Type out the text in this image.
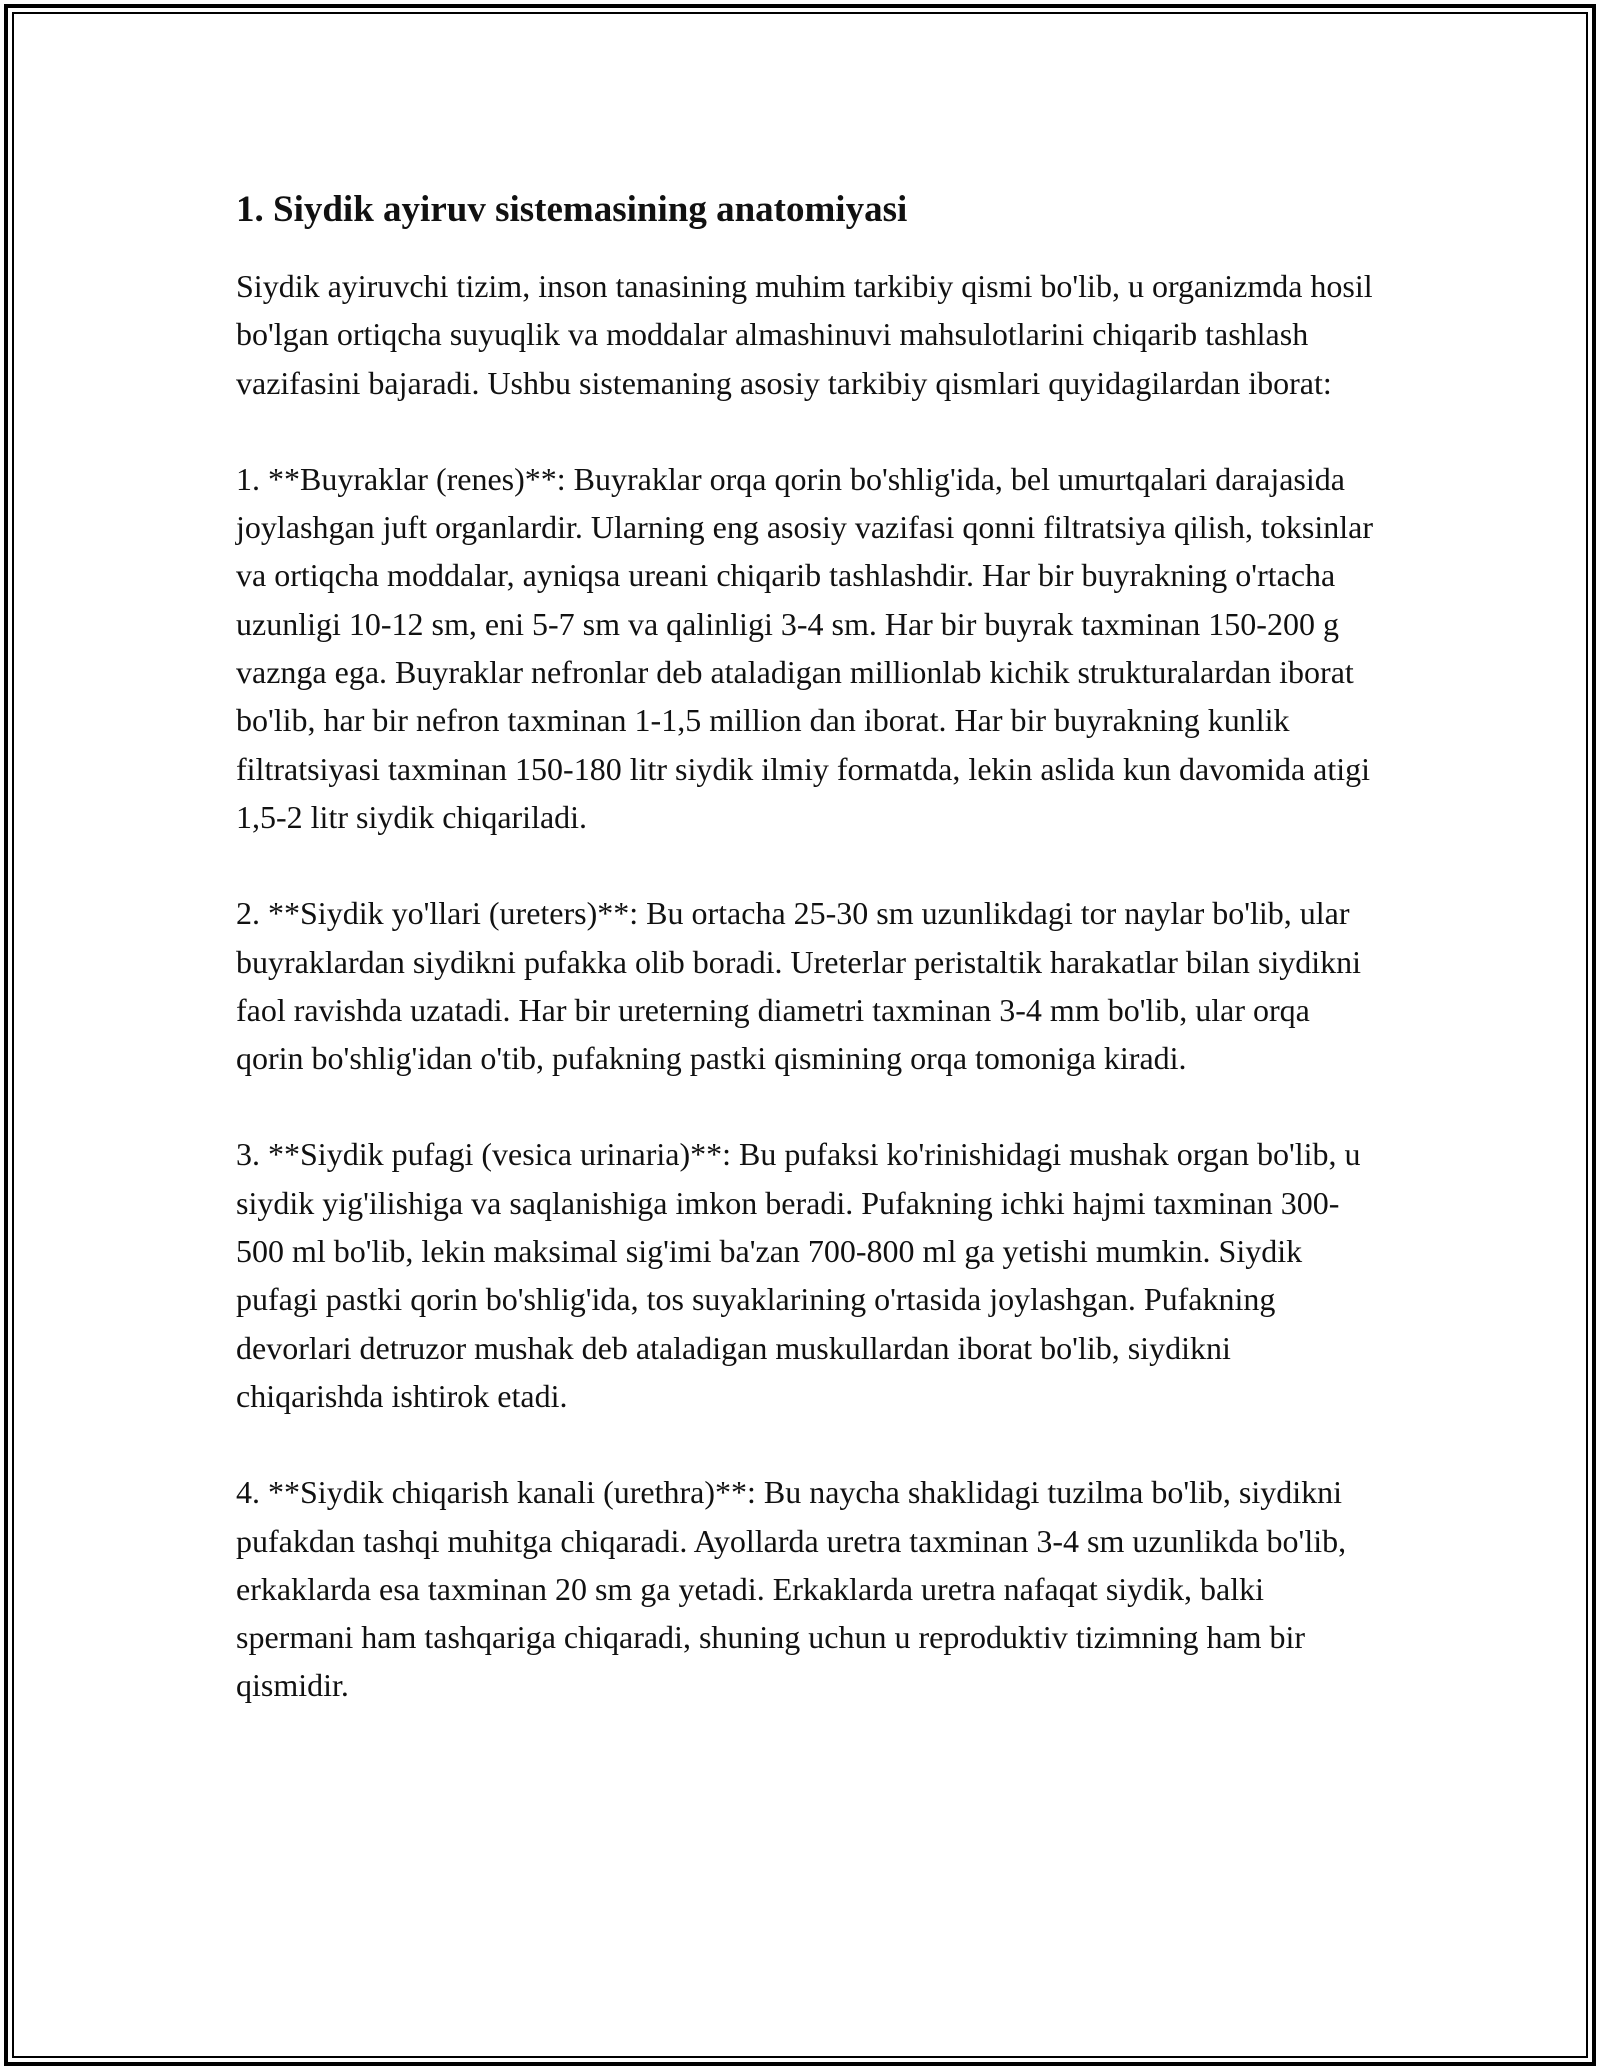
1. Siydik ayiruv sistemasining anatomiyasi

Siydik ayiruvchi tizim, inson tanasining muhim tarkibiy qismi bo'lib, u organizmda hosil bo'lgan ortiqcha suyuqlik va moddalar almashinuvi mahsulotlarini chiqarib tashlash vazifasini bajaradi. Ushbu sistemaning asosiy tarkibiy qismlari quyidagilardan iborat:

1. **Buyraklar (renes)**: Buyraklar orqa qorin bo'shlig'ida, bel umurtqalari darajasida joylashgan juft organlardir. Ularning eng asosiy vazifasi qonni filtratsiya qilish, toksinlar va ortiqcha moddalar, ayniqsa ureani chiqarib tashlashdir. Har bir buyrakning o'rtacha uzunligi 10-12 sm, eni 5-7 sm va qalinligi 3-4 sm. Har bir buyrak taxminan 150-200 g vaznga ega. Buyraklar nefronlar deb ataladigan millionlab kichik strukturalardan iborat bo'lib, har bir nefron taxminan 1-1,5 million dan iborat. Har bir buyrakning kunlik filtratsiyasi taxminan 150-180 litr siydik ilmiy formatda, lekin aslida kun davomida atigi 1,5-2 litr siydik chiqariladi.

2. **Siydik yo'llari (ureters)**: Bu ortacha 25-30 sm uzunlikdagi tor naylar bo'lib, ular buyraklardan siydikni pufakka olib boradi. Ureterlar peristaltik harakatlar bilan siydikni faol ravishda uzatadi. Har bir ureterning diametri taxminan 3-4 mm bo'lib, ular orqa qorin bo'shlig'idan o'tib, pufakning pastki qismining orqa tomoniga kiradi.

3. **Siydik pufagi (vesica urinaria)**: Bu pufaksi ko'rinishidagi mushak organ bo'lib, u siydik yig'ilishiga va saqlanishiga imkon beradi. Pufakning ichki hajmi taxminan 300-500 ml bo'lib, lekin maksimal sig'imi ba'zan 700-800 ml ga yetishi mumkin. Siydik pufagi pastki qorin bo'shlig'ida, tos suyaklarining o'rtasida joylashgan. Pufakning devorlari detruzor mushak deb ataladigan muskullardan iborat bo'lib, siydikni chiqarishda ishtirok etadi.

4. **Siydik chiqarish kanali (urethra)**: Bu naycha shaklidagi tuzilma bo'lib, siydikni pufakdan tashqi muhitga chiqaradi. Ayollarda uretra taxminan 3-4 sm uzunlikda bo'lib, erkaklarda esa taxminan 20 sm ga yetadi. Erkaklarda uretra nafaqat siydik, balki spermani ham tashqariga chiqaradi, shuning uchun u reproduktiv tizimning ham bir qismidir.
